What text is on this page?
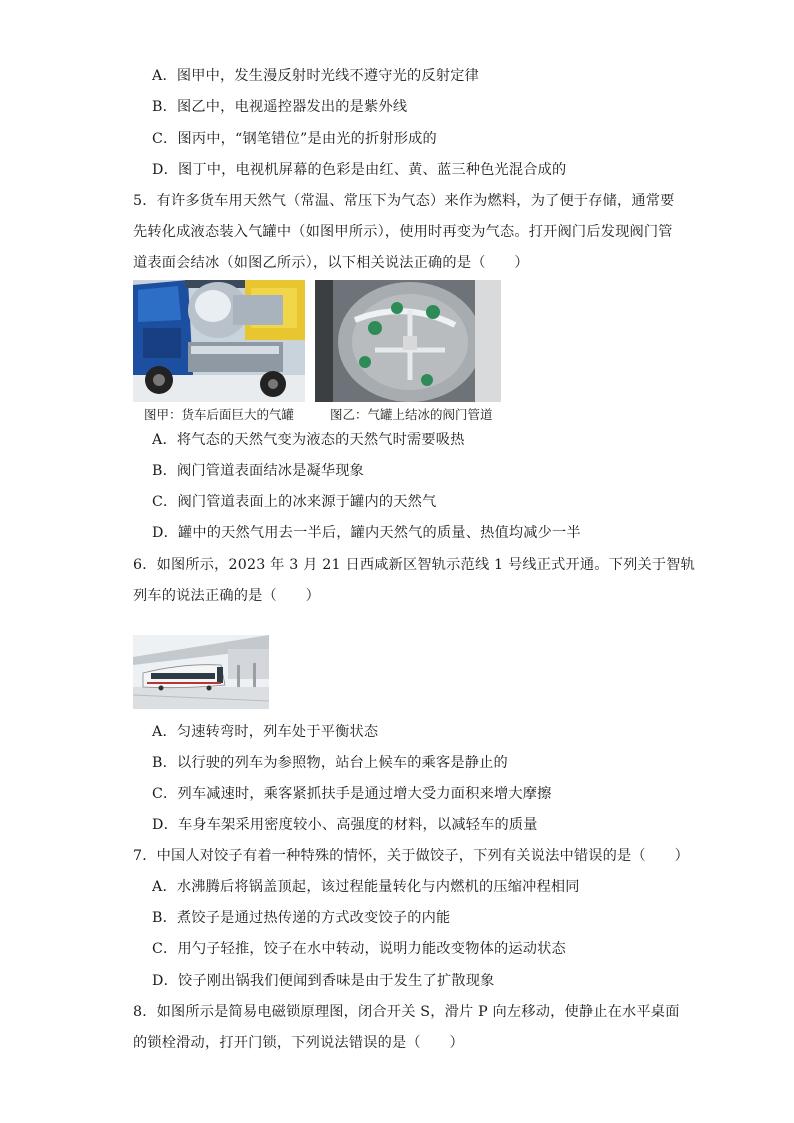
A．图甲中，发生漫反射时光线不遵守光的反射定律
B．图乙中，电视遥控器发出的是紫外线
C．图丙中，“钢笔错位”是由光的折射形成的
D．图丁中，电视机屏幕的色彩是由红、黄、蓝三种色光混合成的
5．有许多货车用天然气（常温、常压下为气态）来作为燃料，为了便于存储，通常要
先转化成液态装入气罐中（如图甲所示），使用时再变为气态。打开阀门后发现阀门管
道表面会结冰（如图乙所示），以下相关说法正确的是（　　）
图甲：货车后面巨大的气罐	图乙：气罐上结冰的阀门管道
A．将气态的天然气变为液态的天然气时需要吸热
B．阀门管道表面结冰是凝华现象
C．阀门管道表面上的冰来源于罐内的天然气
D．罐中的天然气用去一半后，罐内天然气的质量、热值均减少一半
6．如图所示，2023 年 3 月 21 日西咸新区智轨示范线 1 号线正式开通。下列关于智轨
列车的说法正确的是（　　）
A．匀速转弯时，列车处于平衡状态
B．以行驶的列车为参照物，站台上候车的乘客是静止的
C．列车减速时，乘客紧抓扶手是通过增大受力面积来增大摩擦
D．车身车架采用密度较小、高强度的材料，以减轻车的质量
7．中国人对饺子有着一种特殊的情怀，关于做饺子，下列有关说法中错误的是（　　）
A．水沸腾后将锅盖顶起，该过程能量转化与内燃机的压缩冲程相同
B．煮饺子是通过热传递的方式改变饺子的内能
C．用勺子轻推，饺子在水中转动，说明力能改变物体的运动状态
D．饺子刚出锅我们便闻到香味是由于发生了扩散现象
8．如图所示是简易电磁锁原理图，闭合开关 S，滑片 P 向左移动，使静止在水平桌面
的锁栓滑动，打开门锁，下列说法错误的是（　　）
